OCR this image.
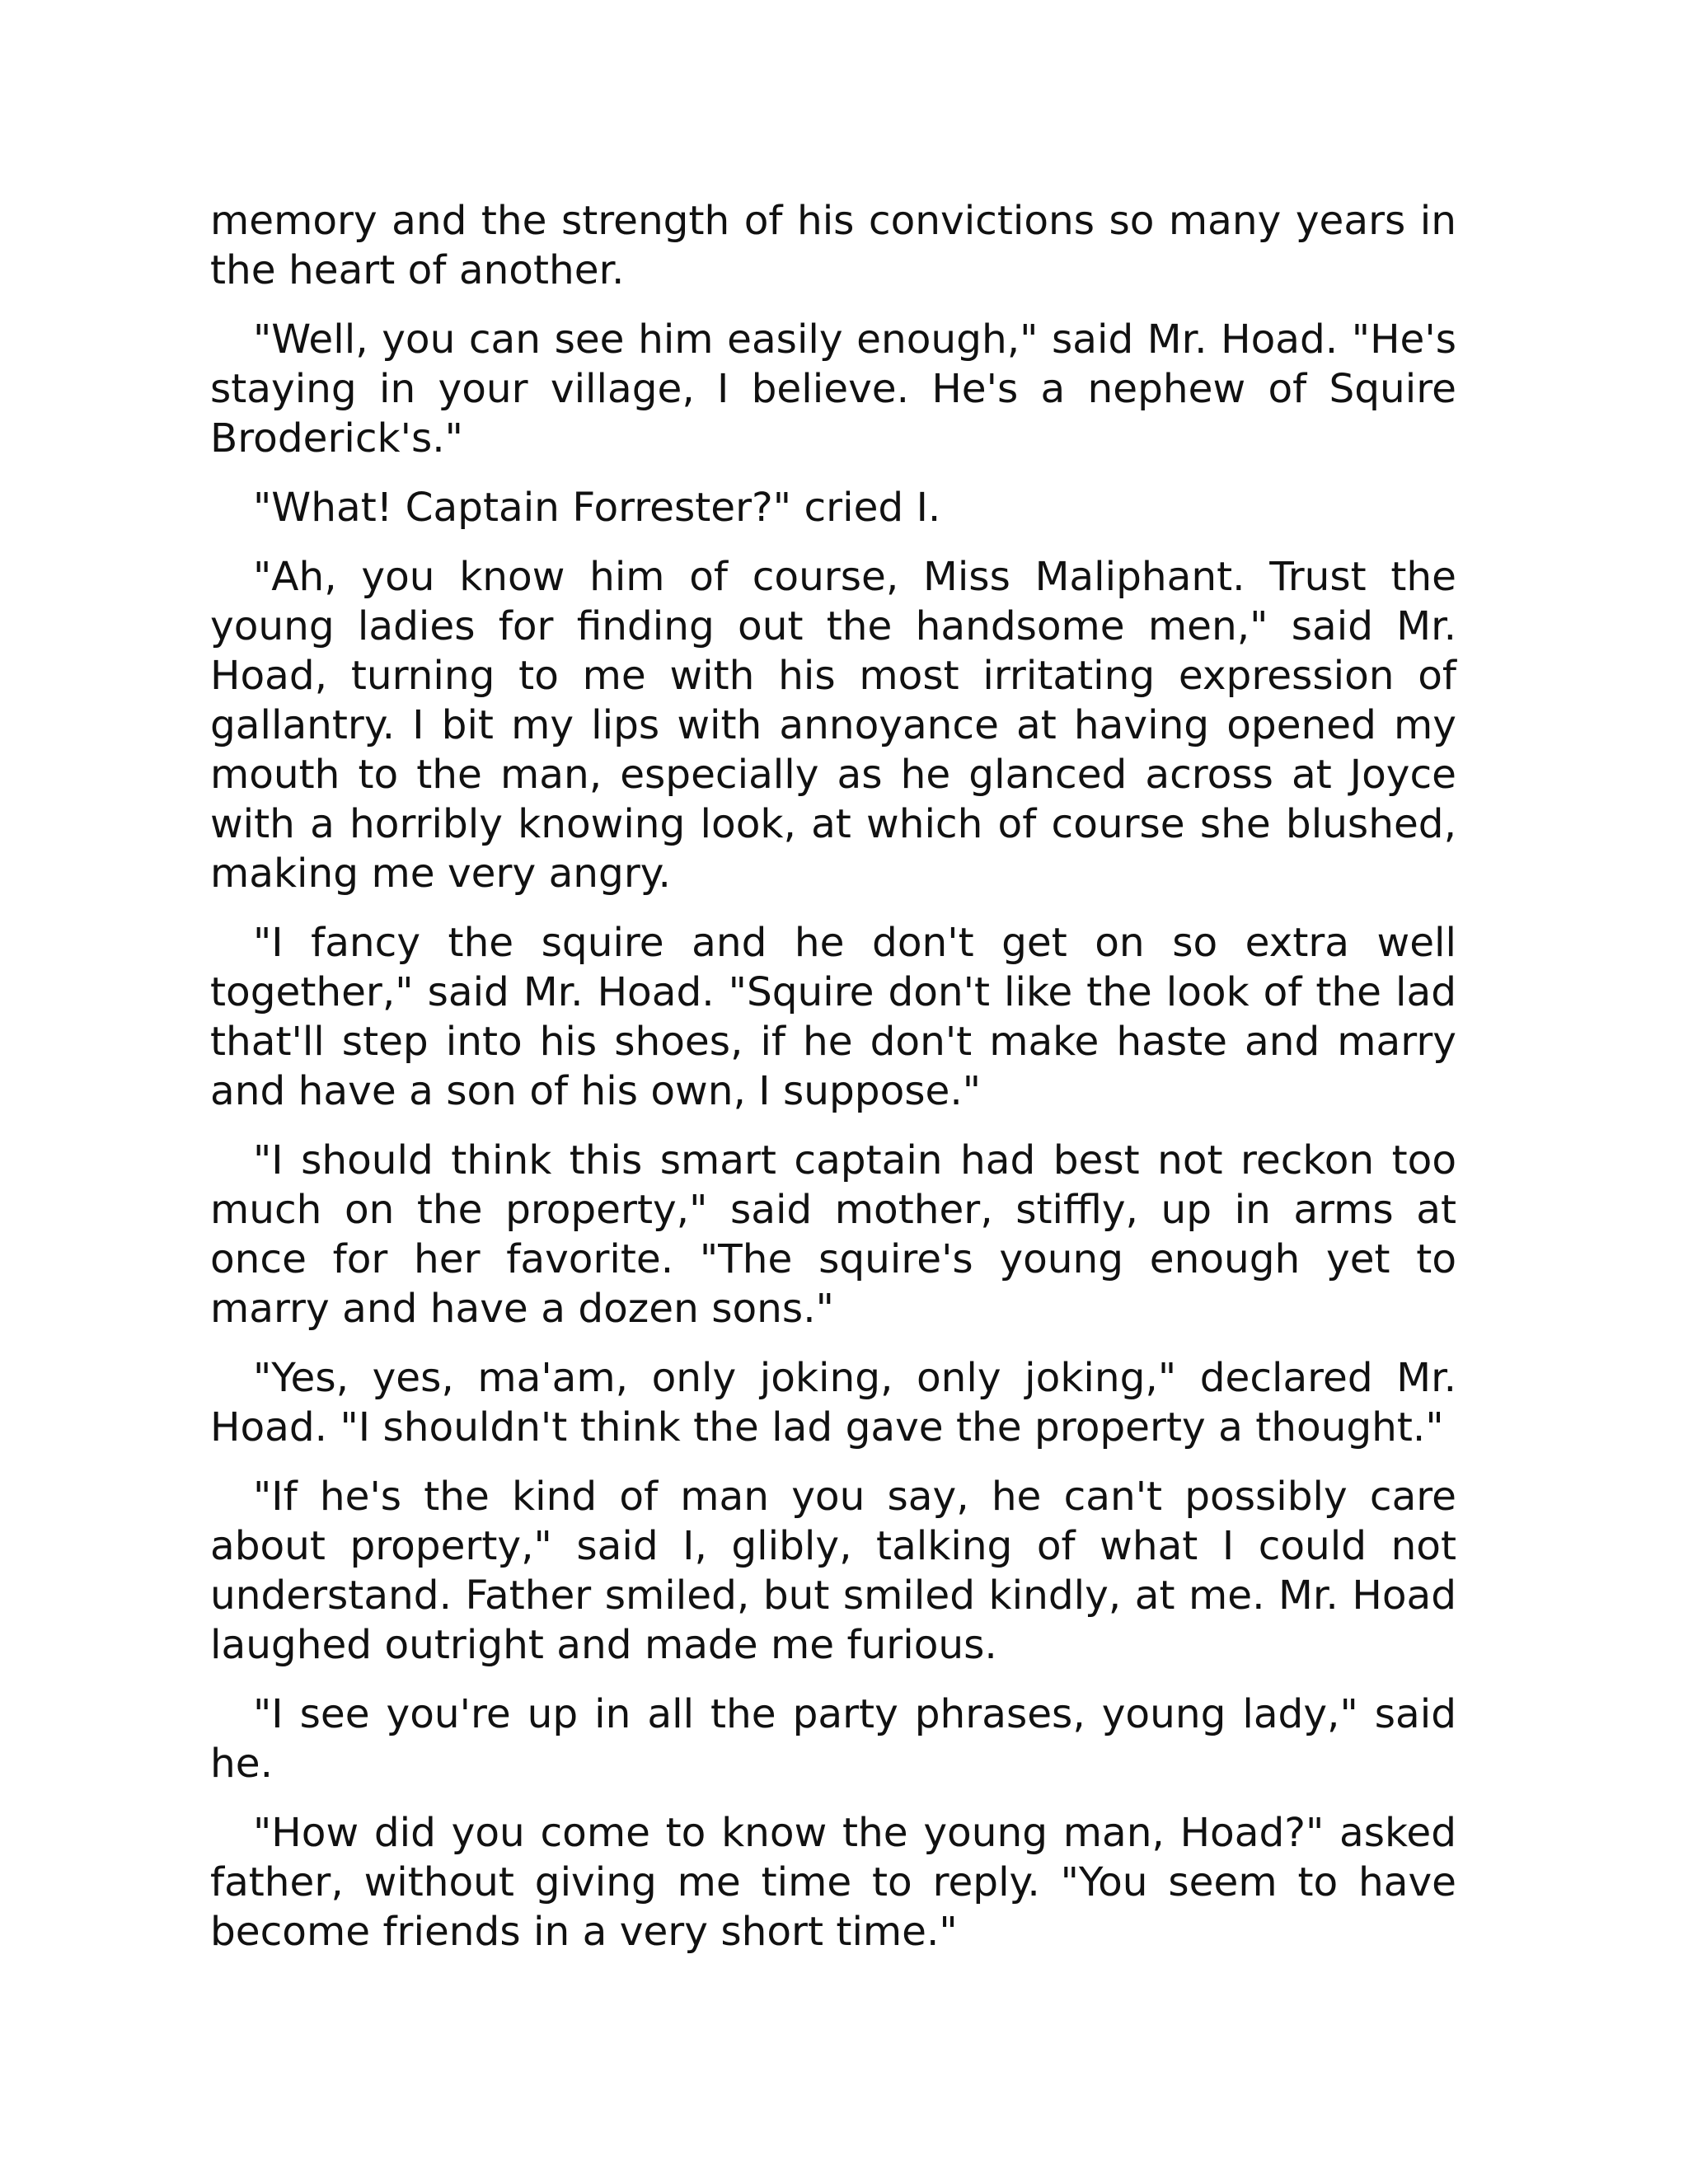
memory and the strength of his convictions so many years in the heart of another.

"Well, you can see him easily enough," said Mr. Hoad. "He's staying in your village, I believe. He's a nephew of Squire Broderick's."

"What! Captain Forrester?" cried I.

"Ah, you know him of course, Miss Maliphant. Trust the young ladies for finding out the handsome men," said Mr. Hoad, turning to me with his most irritating expression of gallantry. I bit my lips with annoyance at having opened my mouth to the man, especially as he glanced across at Joyce with a horribly knowing look, at which of course she blushed, making me very angry.

"I fancy the squire and he don't get on so extra well together," said Mr. Hoad. "Squire don't like the look of the lad that'll step into his shoes, if he don't make haste and marry and have a son of his own, I suppose."

"I should think this smart captain had best not reckon too much on the property," said mother, stiffly, up in arms at once for her favorite. "The squire's young enough yet to marry and have a dozen sons."

"Yes, yes, ma'am, only joking, only joking," declared Mr. Hoad. "I shouldn't think the lad gave the property a thought."

"If he's the kind of man you say, he can't possibly care about property," said I, glibly, talking of what I could not understand. Father smiled, but smiled kindly, at me. Mr. Hoad laughed outright and made me furious.

"I see you're up in all the party phrases, young lady," said he.

"How did you come to know the young man, Hoad?" asked father, without giving me time to reply. "You seem to have become friends in a very short time."
